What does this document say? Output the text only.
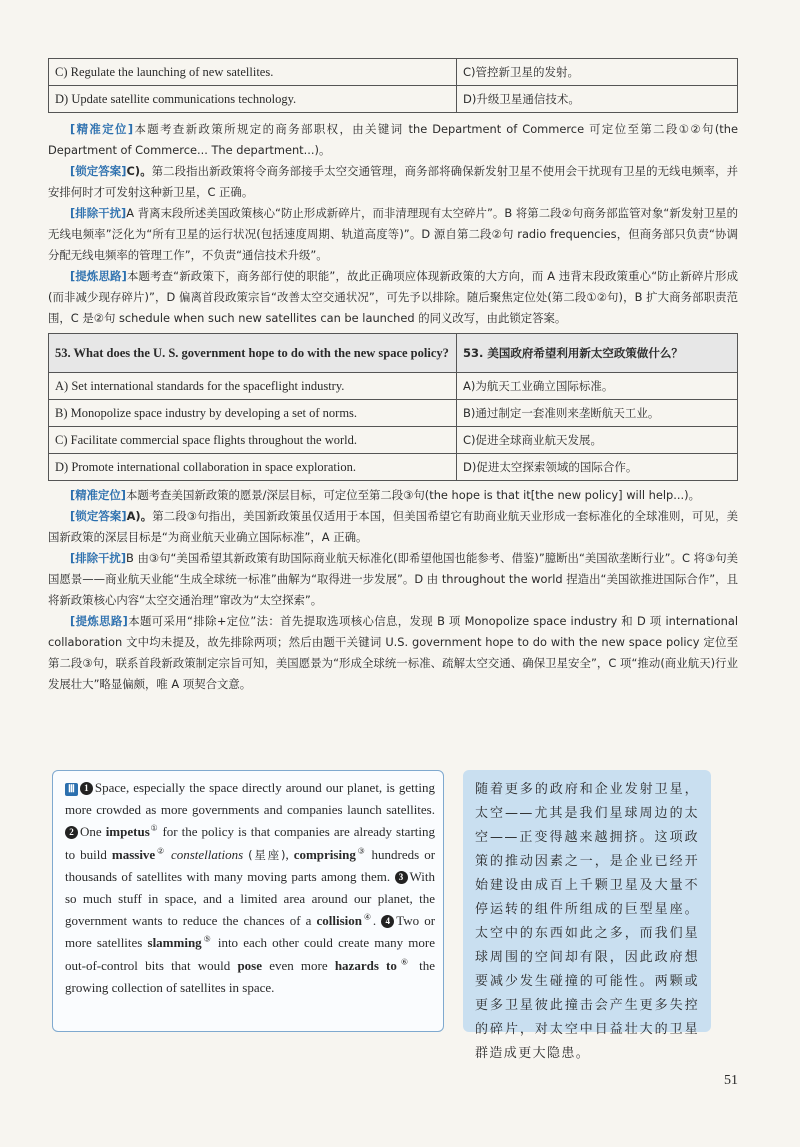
C) Regulate the launching of new satellites.	C)管控新卫星的发射。
D) Update satellite communications technology.	D)升级卫星通信技术。

[精准定位]本题考查新政策所规定的商务部职权，由关键词 the Department of Commerce 可定位至第二段①②句(the Department of Commerce... The department...)。

[锁定答案]C)。第二段指出新政策将令商务部接手太空交通管理，商务部将确保新发射卫星不使用会干扰现有卫星的无线电频率，并安排何时才可发射这种新卫星，C 正确。

[排除干扰]A 背离末段所述美国政策核心“防止形成新碎片，而非清理现有太空碎片”。B 将第二段②句商务部监管对象“新发射卫星的无线电频率”泛化为“所有卫星的运行状况(包括速度周期、轨道高度等)”。D 源自第二段②句 radio frequencies，但商务部只负责“协调分配无线电频率的管理工作”，不负责“通信技术升级”。

[提炼思路]本题考查“新政策下，商务部行使的职能”，故此正确项应体现新政策的大方向，而 A 违背末段政策重心“防止新碎片形成(而非减少现存碎片)”，D 偏离首段政策宗旨“改善太空交通状况”，可先予以排除。随后聚焦定位处(第二段①②句)，B 扩大商务部职责范围，C 是②句 schedule when such new satellites can be launched 的同义改写，由此锁定答案。

53. What does the U. S. government hope to do with the new space policy?	53. 美国政府希望利用新太空政策做什么？
A) Set international standards for the spaceflight industry.	A)为航天工业确立国际标准。
B) Monopolize space industry by developing a set of norms.	B)通过制定一套准则来垄断航天工业。
C) Facilitate commercial space flights throughout the world.	C)促进全球商业航天发展。
D) Promote international collaboration in space exploration.	D)促进太空探索领域的国际合作。

[精准定位]本题考查美国新政策的愿景/深层目标，可定位至第二段③句(the hope is that it[the new policy] will help...)。

[锁定答案]A)。第二段③句指出，美国新政策虽仅适用于本国，但美国希望它有助商业航天业形成一套标准化的全球准则，可见，美国新政策的深层目标是“为商业航天业确立国际标准”，A 正确。

[排除干扰]B 由③句“美国希望其新政策有助国际商业航天标准化(即希望他国也能参考、借鉴)”臆断出“美国欲垄断行业”。C 将③句美国愿景——商业航天业能“生成全球统一标准”曲解为“取得进一步发展”。D 由 throughout the world 捏造出“美国欲推进国际合作”，且将新政策核心内容“太空交通治理”窜改为“太空探索”。

[提炼思路]本题可采用“排除+定位”法：首先提取选项核心信息，发现 B 项 Monopolize space industry 和 D 项 international collaboration 文中均未提及，故先排除两项；然后由题干关键词 U.S. government hope to do with the new space policy 定位至第二段③句，联系首段新政策制定宗旨可知，美国愿景为“形成全球统一标准、疏解太空交通、确保卫星安全”，C 项“推动(商业航天)行业发展壮大”略显偏颇，唯 A 项契合文意。

Ⅲ 1 Space, especially the space directly around our planet, is getting more crowded as more governments and companies launch satellites. 2 One impetus① for the policy is that companies are already starting to build massive② constellations (星座), comprising③ hundreds or thousands of satellites with many moving parts among them. 3 With so much stuff in space, and a limited area around our planet, the government wants to reduce the chances of a collision④. 4 Two or more satellites slamming⑤ into each other could create many more out-of-control bits that would pose even more hazards to⑥ the growing collection of satellites in space.
随着更多的政府和企业发射卫星，太空——尤其是我们星球周边的太空——正变得越来越拥挤。这项政策的推动因素之一，是企业已经开始建设由成百上千颗卫星及大量不停运转的组件所组成的巨型星座。太空中的东西如此之多，而我们星球周围的空间却有限，因此政府想要减少发生碰撞的可能性。两颗或更多卫星彼此撞击会产生更多失控的碎片，对太空中日益壮大的卫星群造成更大隐患。
51
